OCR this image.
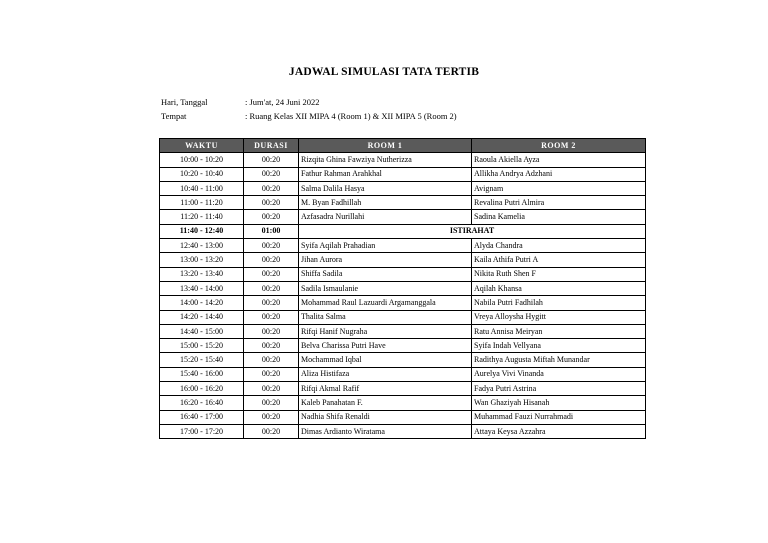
JADWAL SIMULASI TATA TERTIB
Hari, Tanggal	: Jum'at, 24 Juni 2022
Tempat	: Ruang Kelas XII MIPA 4 (Room 1) & XII MIPA 5 (Room 2)
WAKTU	DURASI	ROOM 1	ROOM 2
10:00 - 10:20	00:20	Rizqita Ghina Fawziya Nutherizza	Raoula Akiella Ayza
10:20 - 10:40	00:20	Fathur Rahman Arahkhal	Allikha Andrya Adzhani
10:40 - 11:00	00:20	Salma Dalila Hasya	Avignam
11:00 - 11:20	00:20	M. Byan Fadhillah	Revalina Putri Almira
11:20 - 11:40	00:20	Azfasadra Nurillahi	Sadina Kamelia
11:40 - 12:40	01:00	ISTIRAHAT	
12:40 - 13:00	00:20	Syifa Aqilah Prahadian	Alyda Chandra
13:00 - 13:20	00:20	Jihan Aurora	Kaila Athifa Putri A
13:20 - 13:40	00:20	Shiffa Sadila	Nikita Ruth Shen F
13:40 - 14:00	00:20	Sadila Ismaulanie	Aqilah Khansa
14:00 - 14:20	00:20	Mohammad Raul Lazuardi Argamanggala	Nabila Putri Fadhilah
14:20 - 14:40	00:20	Thalita Salma	Vreya Alloysha Hygitt
14:40 - 15:00	00:20	Rifqi Hanif Nugraha	Ratu Annisa Meiryan
15:00 - 15:20	00:20	Belva Charissa Putri Have	Syifa Indah Vellyana
15:20 - 15:40	00:20	Mochammad Iqbal	Radithya Augusta Miftah Munandar
15:40 - 16:00	00:20	Aliza Histifaza	Aurelya Vivi Vinanda
16:00 - 16:20	00:20	Rifqi Akmal Rafif	Fadya Putri Astrina
16:20 - 16:40	00:20	Kaleb Panahatan F.	Wan Ghaziyah Hisanah
16:40 - 17:00	00:20	Nadhia Shifa Renaldi	Muhammad Fauzi Nurrahmadi
17:00 - 17:20	00:20	Dimas Ardianto Wiratama	Attaya Keysa Azzahra
